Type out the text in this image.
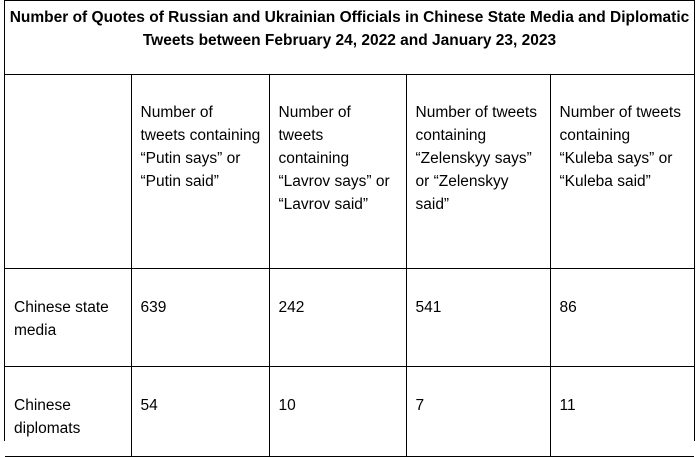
Number of Quotes of Russian and Ukrainian Officials in Chinese State Media and Diplomatic Tweets between February 24, 2022 and January 23, 2023
	Number of tweets containing “Putin says” or “Putin said”	Number of tweets containing “Lavrov says” or “Lavrov said”	Number of tweets containing “Zelenskyy says” or “Zelenskyy said”	Number of tweets containing “Kuleba says” or “Kuleba said”
Chinese state media	639	242	541	86
Chinese diplomats	54	10	7	11
